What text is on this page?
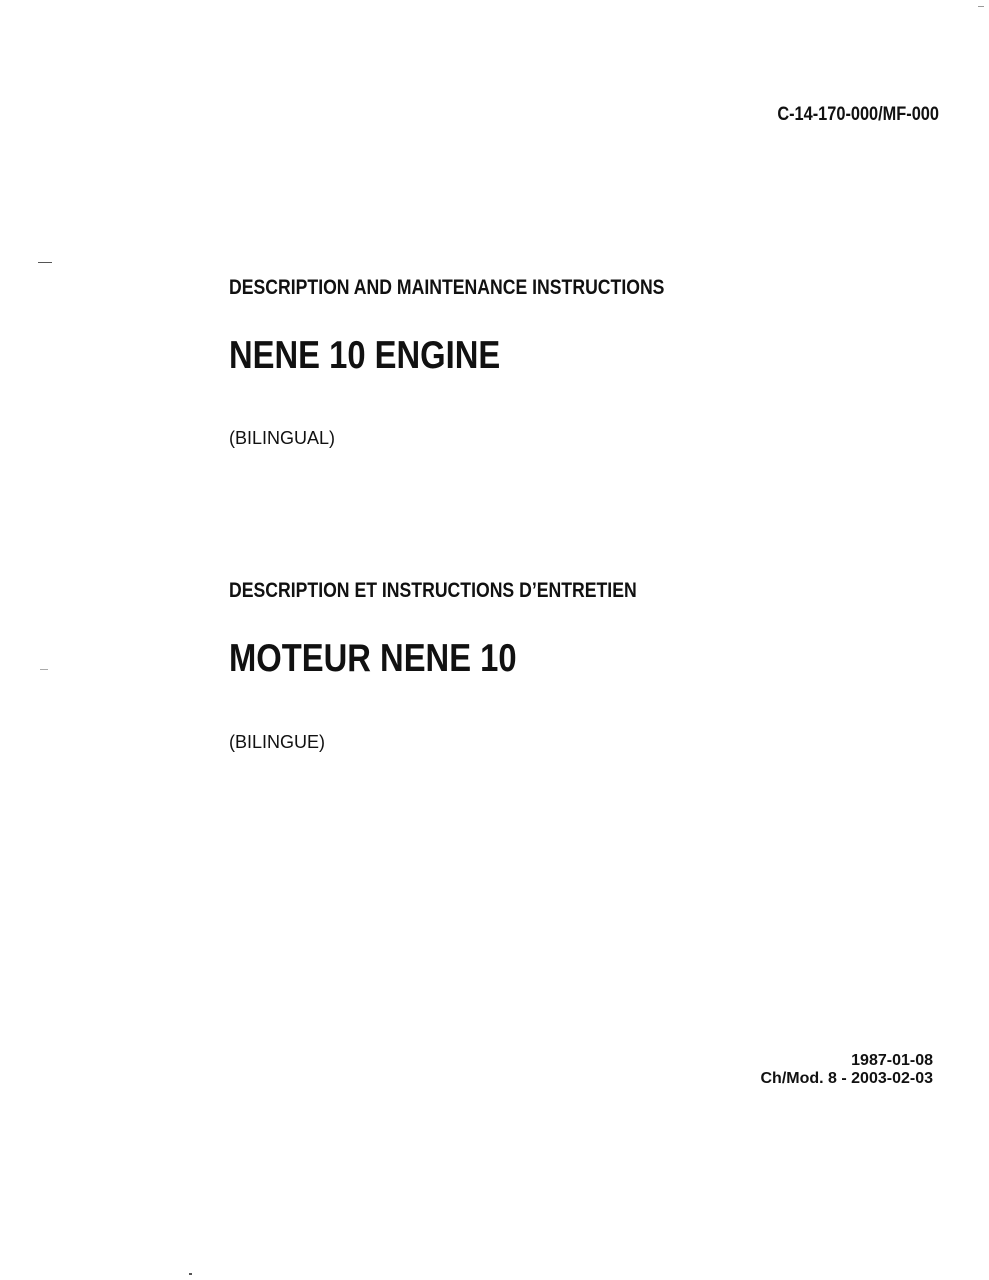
C-14-170-000/MF-000
DESCRIPTION AND MAINTENANCE INSTRUCTIONS
NENE 10 ENGINE
(BILINGUAL)
DESCRIPTION ET INSTRUCTIONS D’ENTRETIEN
MOTEUR NENE 10
(BILINGUE)
1987-01-08
Ch/Mod. 8 - 2003-02-03
